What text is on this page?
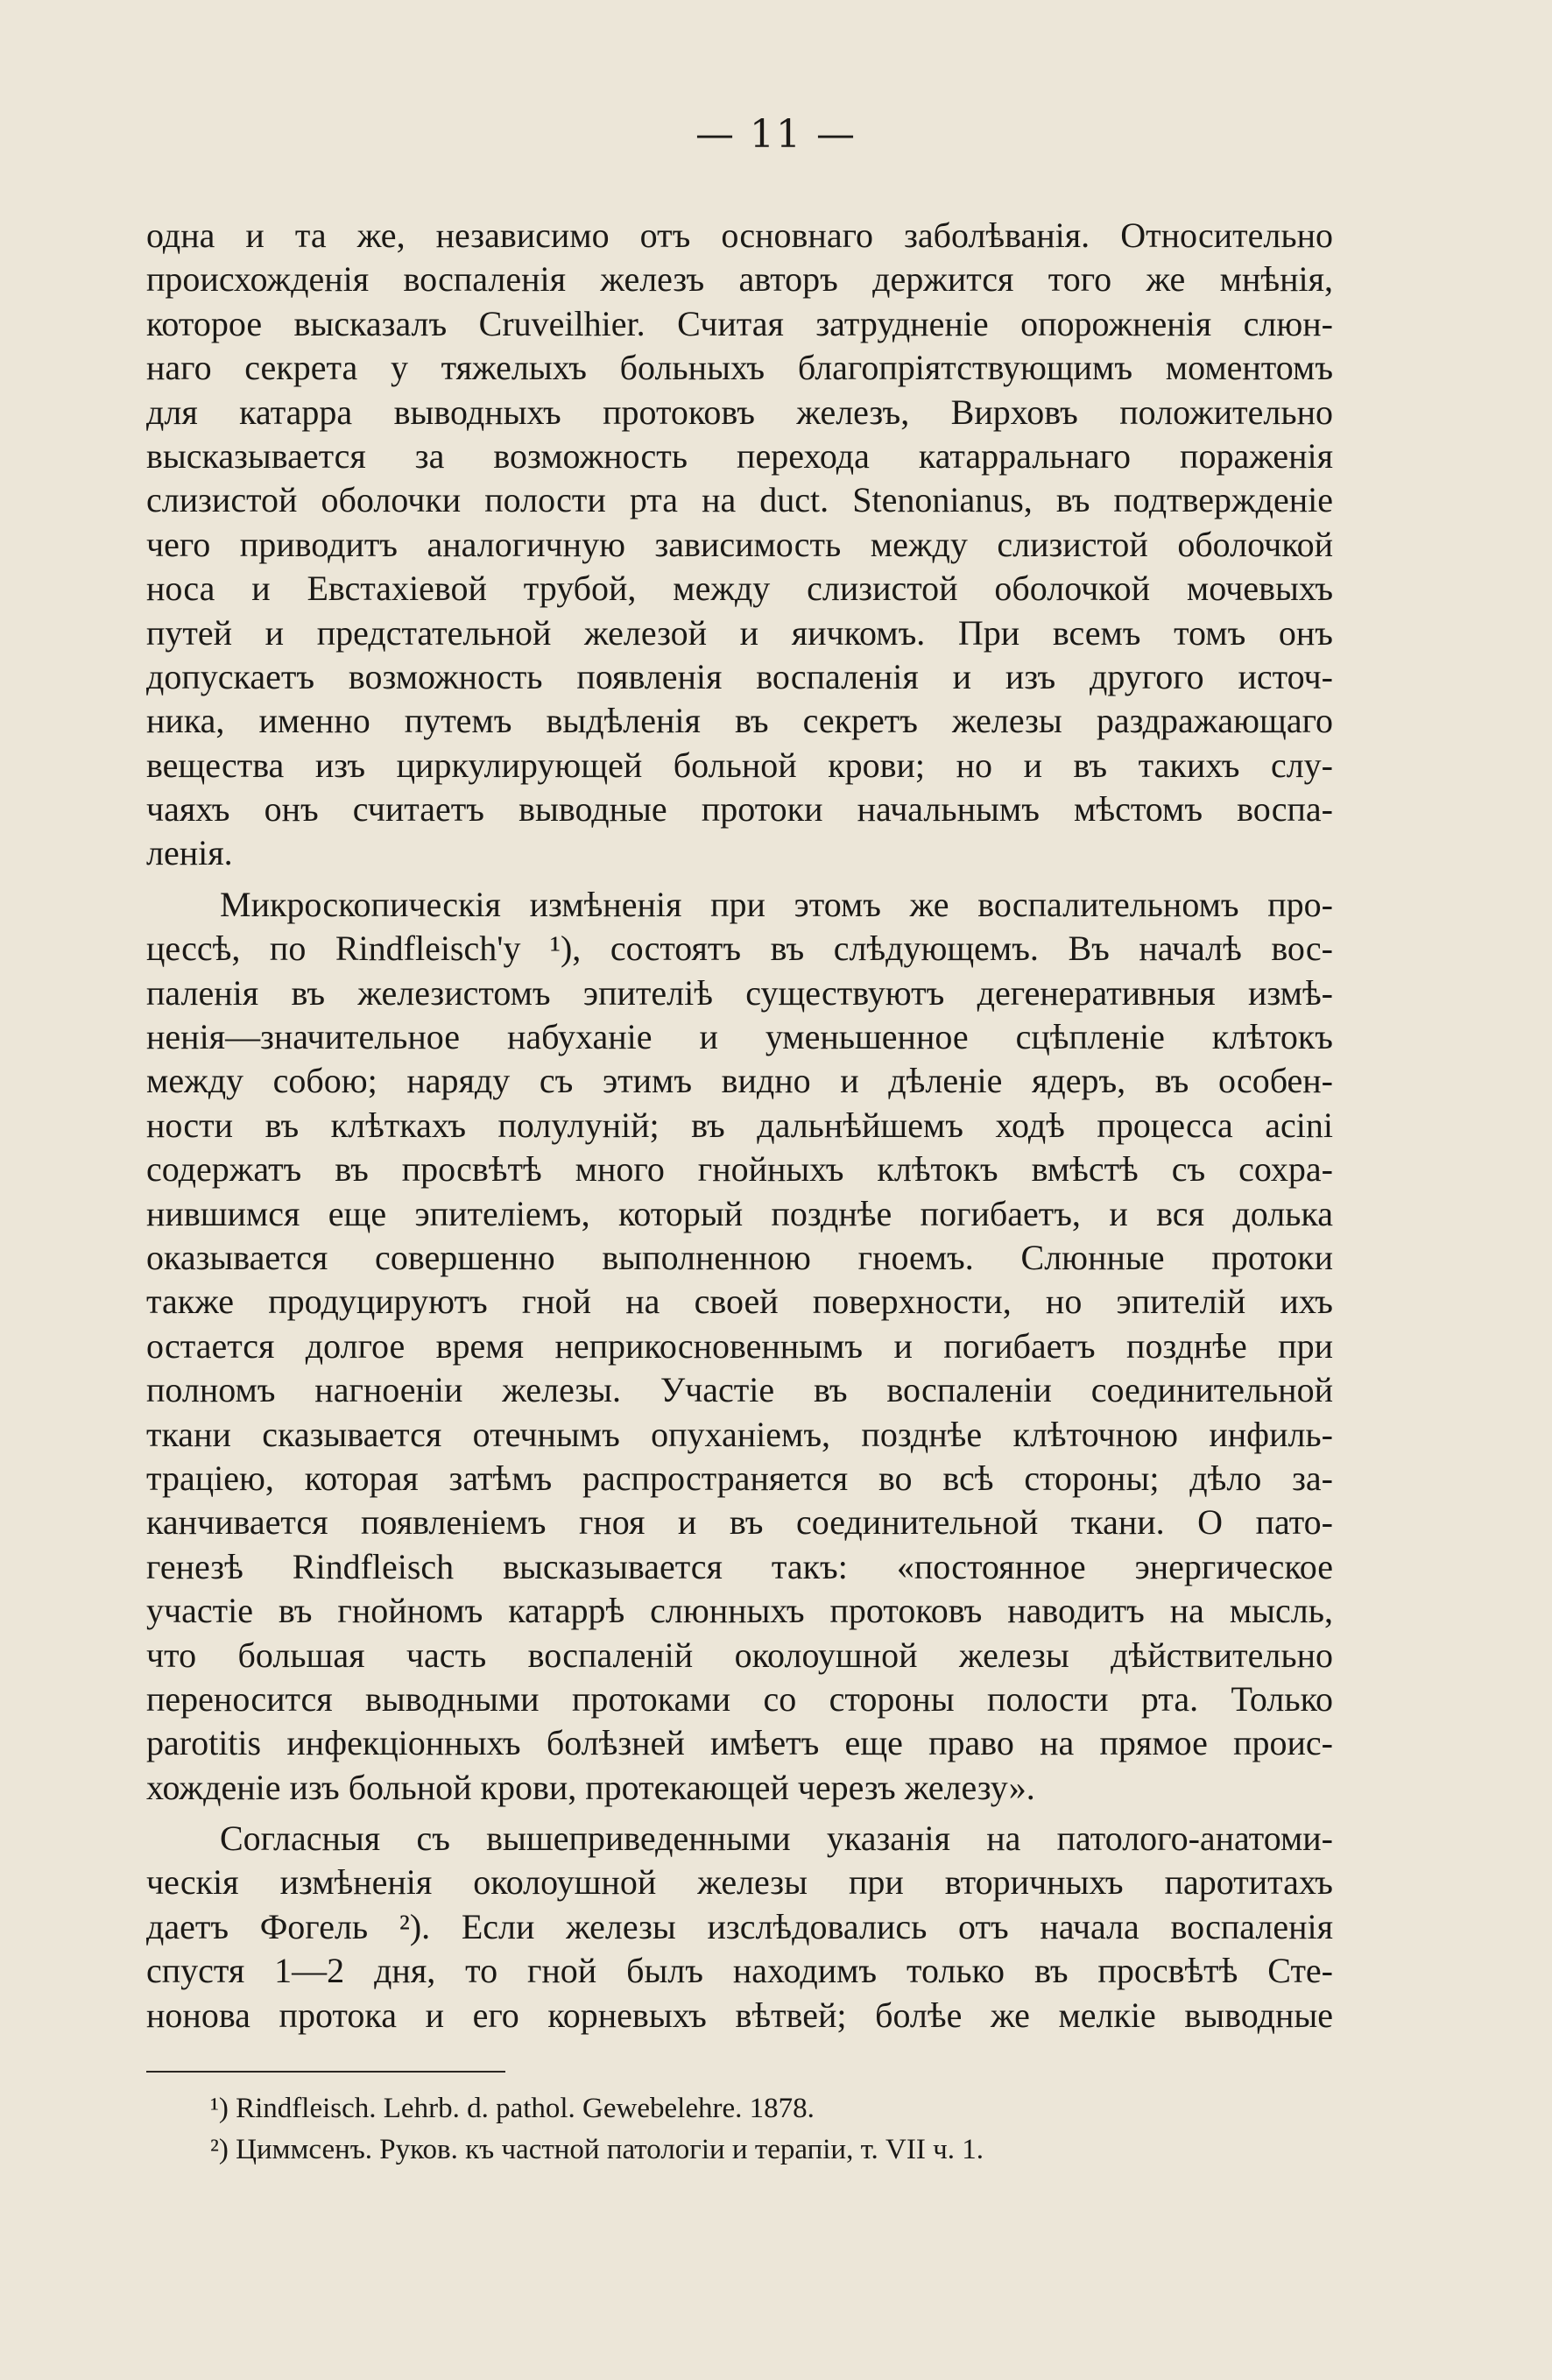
— 11 —
одна и та же, независимо отъ основнаго заболѣванія. Относительно
происхожденія воспаленія железъ авторъ держится того же мнѣнія,
которое высказалъ Cruveilhier. Считая затрудненіе опорожненія слюн-
наго секрета у тяжелыхъ больныхъ благопріятствующимъ моментомъ
для катарра выводныхъ протоковъ железъ, Вирховъ положительно
высказывается за возможность перехода катарральнаго пораженія
слизистой оболочки полости рта на duct. Stenonianus, въ подтвержденіе
чего приводитъ аналогичную зависимость между слизистой оболочкой
носа и Евстахіевой трубой, между слизистой оболочкой мочевыхъ
путей и предстательной железой и яичкомъ. При всемъ томъ онъ
допускаетъ возможность появленія воспаленія и изъ другого источ-
ника, именно путемъ выдѣленія въ секретъ железы раздражающаго
вещества изъ циркулирующей больной крови; но и въ такихъ слу-
чаяхъ онъ считаетъ выводные протоки начальнымъ мѣстомъ воспа-
ленія.
Микроскопическія измѣненія при этомъ же воспалительномъ про-
цессѣ, по Rindfleisch'у ¹), состоятъ въ слѣдующемъ. Въ началѣ вос-
паленія въ железистомъ эпителіѣ существуютъ дегенеративныя измѣ-
ненія—значительное набуханіе и уменьшенное сцѣпленіе клѣтокъ
между собою; наряду съ этимъ видно и дѣленіе ядеръ, въ особен-
ности въ клѣткахъ полулуній; въ дальнѣйшемъ ходѣ процесса acini
содержатъ въ просвѣтѣ много гнойныхъ клѣтокъ вмѣстѣ съ сохра-
нившимся еще эпителіемъ, который позднѣе погибаетъ, и вся долька
оказывается совершенно выполненною гноемъ. Слюнные протоки
также продуцируютъ гной на своей поверхности, но эпителій ихъ
остается долгое время неприкосновеннымъ и погибаетъ позднѣе при
полномъ нагноеніи железы. Участіе въ воспаленіи соединительной
ткани сказывается отечнымъ опуханіемъ, позднѣе клѣточною инфиль-
траціею, которая затѣмъ распространяется во всѣ стороны; дѣло за-
канчивается появленіемъ гноя и въ соединительной ткани. О пато-
генезѣ Rindfleisch высказывается такъ: «постоянное энергическое
участіе въ гнойномъ катаррѣ слюнныхъ протоковъ наводитъ на мысль,
что большая часть воспаленій околоушной железы дѣйствительно
переносится выводными протоками со стороны полости рта. Только
parotitis инфекціонныхъ болѣзней имѣетъ еще право на прямое проис-
хожденіе изъ больной крови, протекающей черезъ железу».
Согласныя съ вышеприведенными указанія на патолого-анатоми-
ческія измѣненія околоушной железы при вторичныхъ паротитахъ
даетъ Фогель ²). Если железы изслѣдовались отъ начала воспаленія
спустя 1—2 дня, то гной былъ находимъ только въ просвѣтѣ Сте-
нонова протока и его корневыхъ вѣтвей; болѣе же мелкіе выводные
¹) Rindfleisch. Lehrb. d. pathol. Gewebelehre. 1878.
²) Циммсенъ. Руков. къ частной патологіи и терапіи, т. VII ч. 1.
